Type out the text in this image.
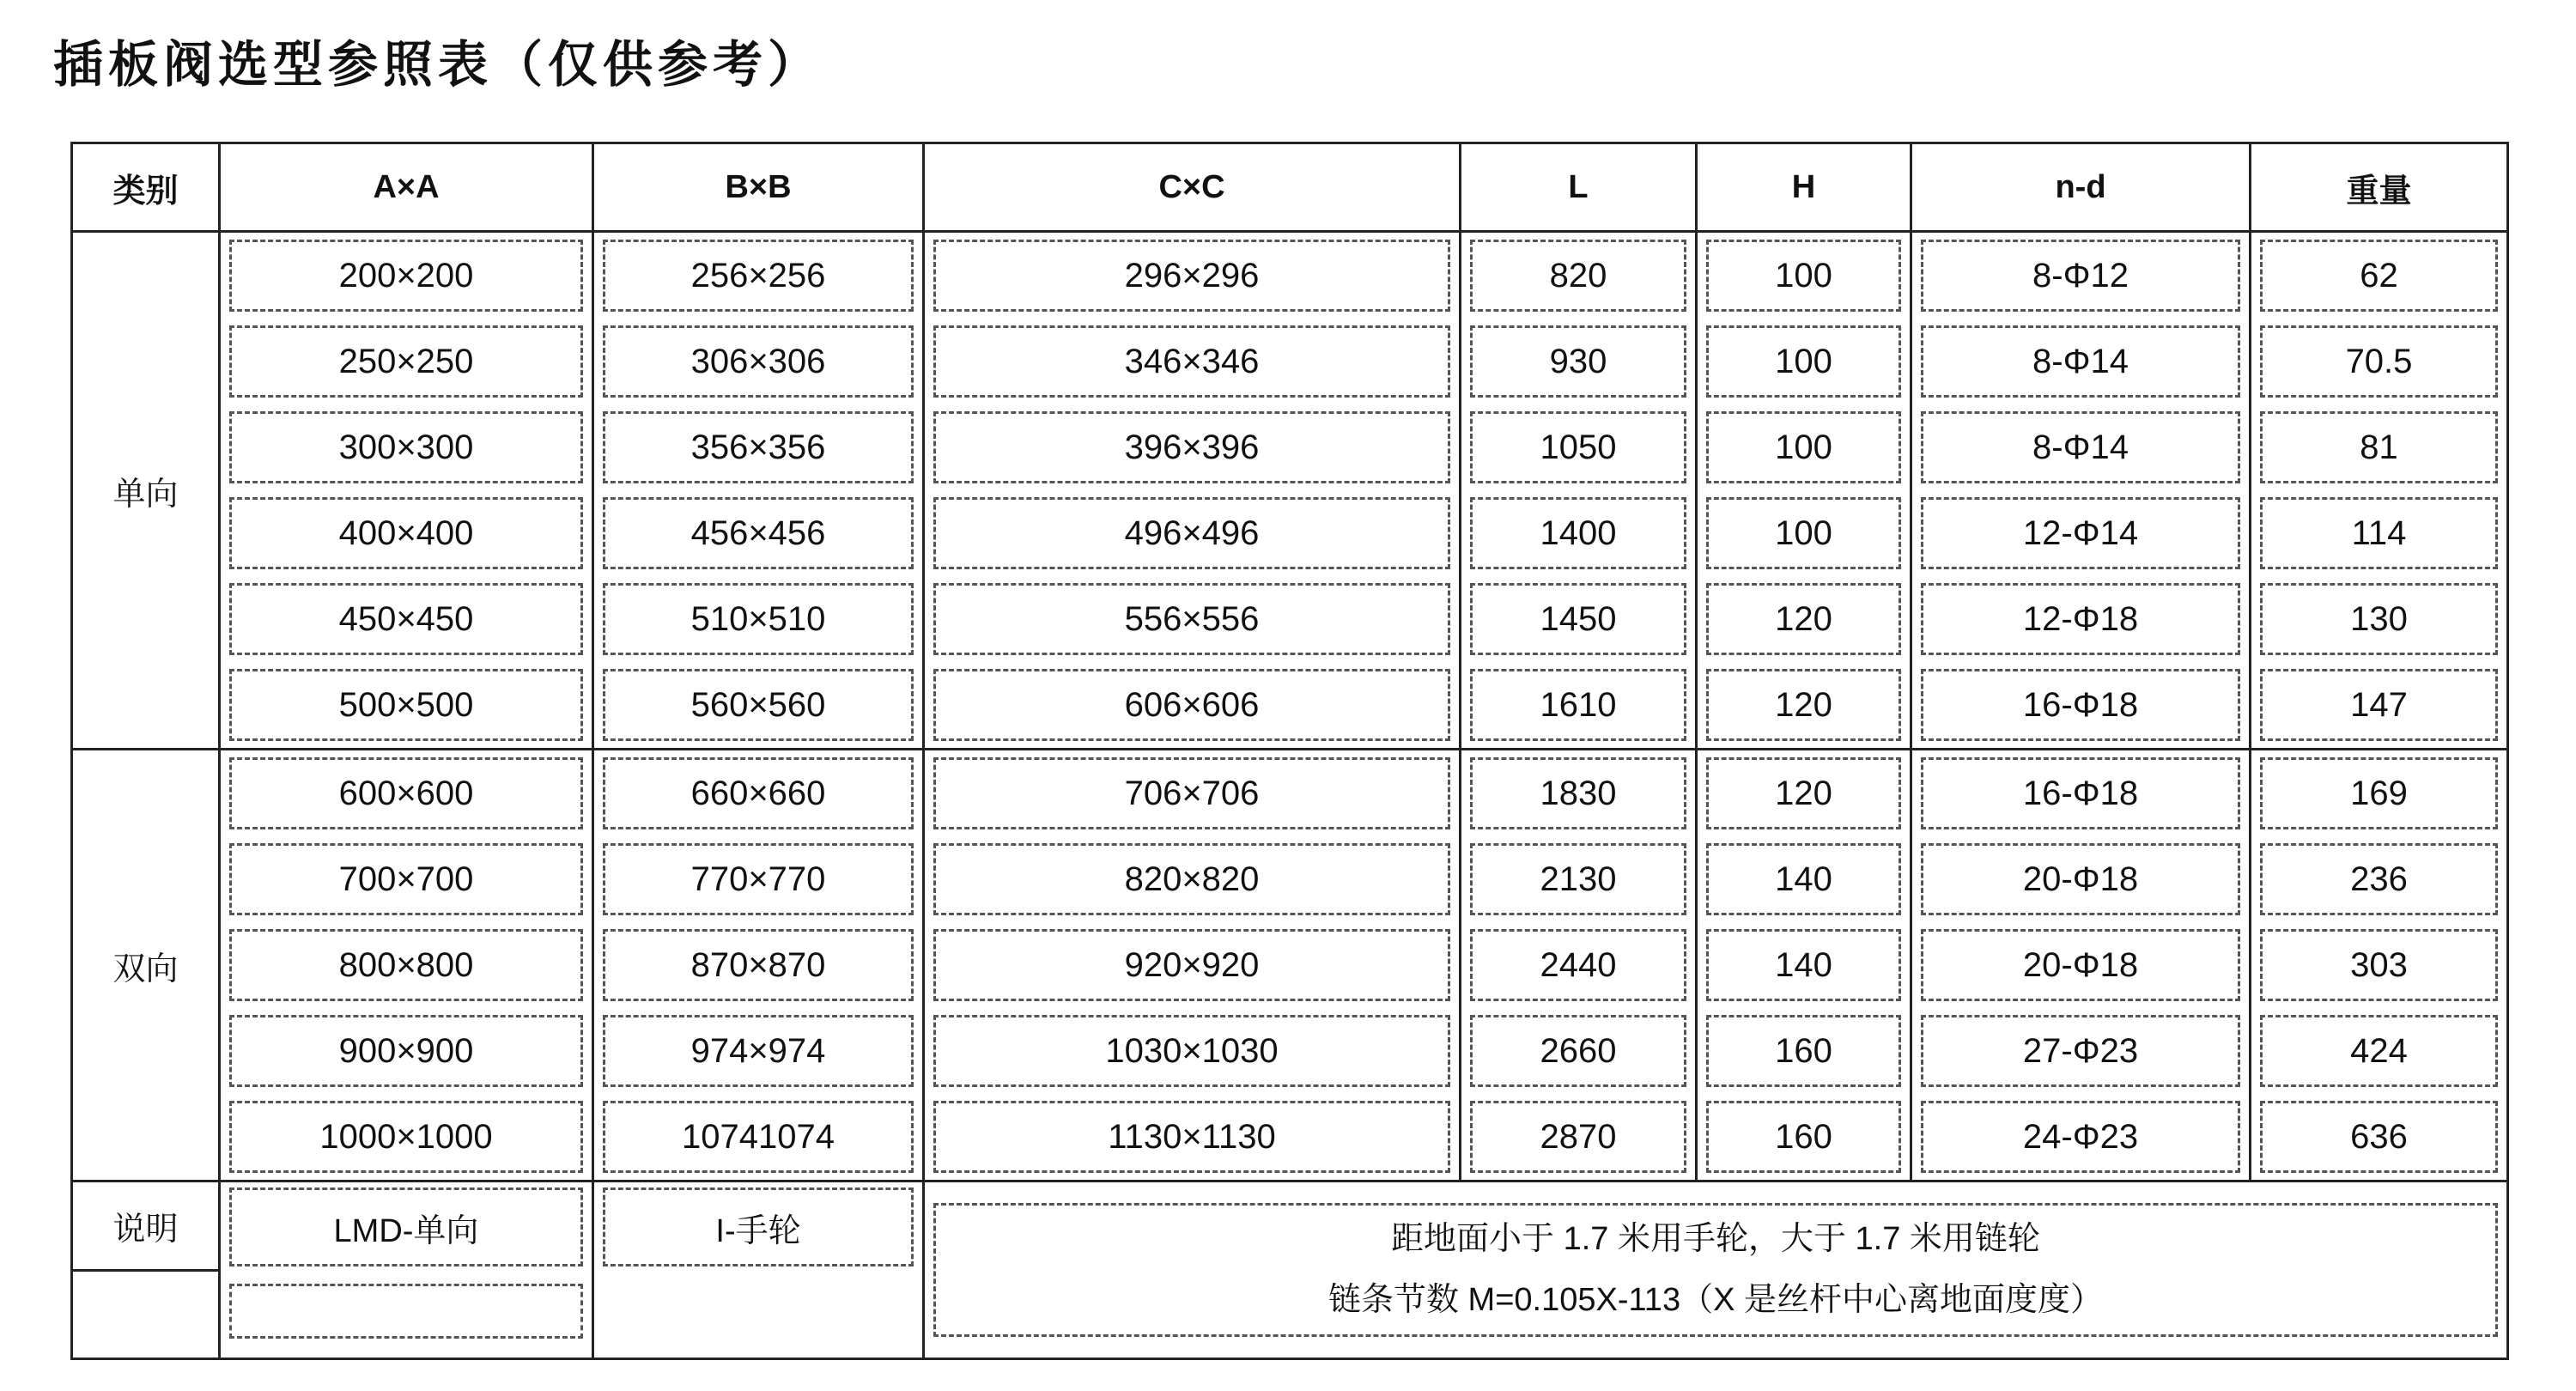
插板阀选型参照表（仅供参考）
类别	A×A	B×B	C×C	L	H	n-d	重量
单向	200×200	256×256	296×296	820	100	8-Φ12	62

250×250	306×306	346×346	930	100	8-Φ14	70.5

300×300	356×356	396×396	1050	100	8-Φ14	81

400×400	456×456	496×496	1400	100	12-Φ14	114

450×450	510×510	556×556	1450	120	12-Φ18	130

500×500	560×560	606×606	1610	120	16-Φ18	147

双向	600×600	660×660	706×706	1830	120	16-Φ18	169

700×700	770×770	820×820	2130	140	20-Φ18	236

800×800	870×870	920×920	2440	140	20-Φ18	303

900×900	974×974	1030×1030	2660	160	27-Φ23	424

1000×1000	10741074	1130×1130	2870	160	24-Φ23	636

说明	LMD-单向	I-手轮	距地面小于 1.7 米用手轮，大于 1.7 米用链轮
链条节数 M=0.105X-113（X 是丝杆中心离地面度度）				
